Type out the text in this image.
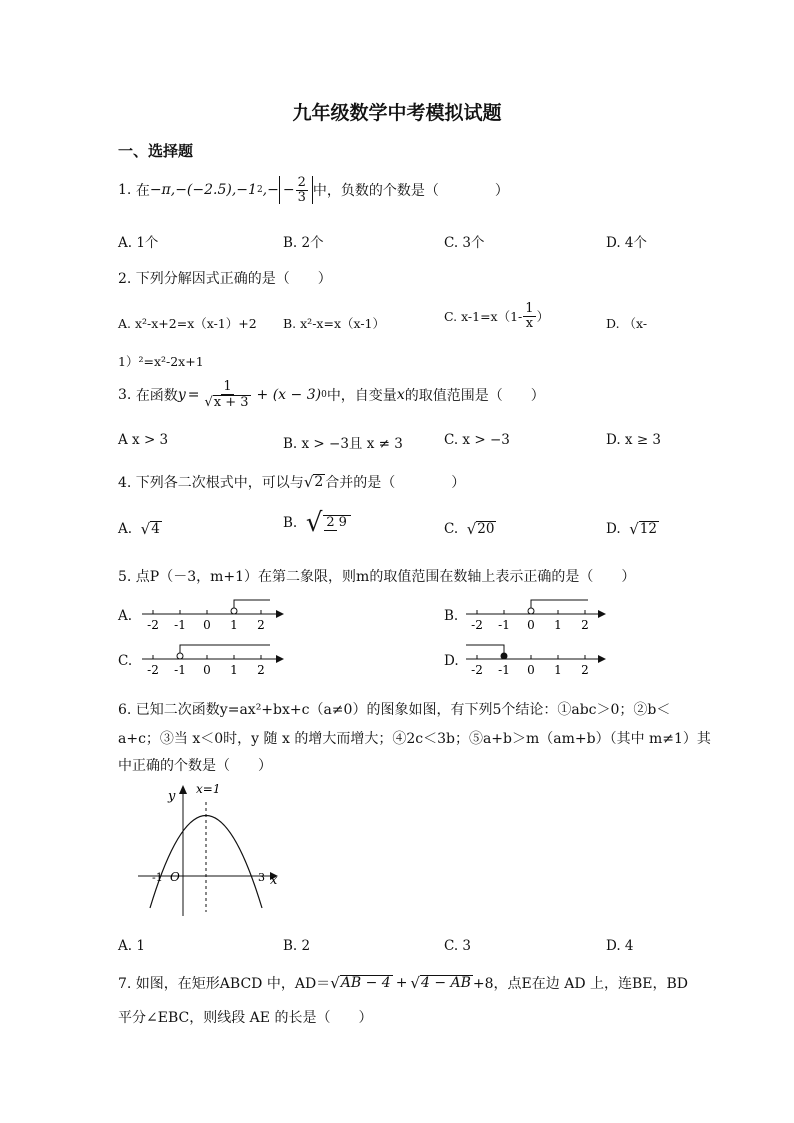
九年级数学中考模拟试题
一、选择题
1.
在 −π,−(−2.5),−1 2 ,− − $\frac{2}{3}$ 中，负数的个数是（　　　　）
A. 1个	B. 2个	C. 3个	D. 4个
2. 下列分解因式正确的是（　　）
A. x²-x+2=x（x-1）+2 B. x²-x=x（x-1）	C. $x-1=x(1- \frac{1}{x}$ ）	D. （x-
1）²=x²-2x+1
3.
在函数 $y = \frac{1}{√x + 3} + (x - 3)$ 0 中，自变量 x 的取值范围是（　　）
A x > 3	B. x > −3且 x ≠ 3	C. x > −3	D. x ≥ 3
4. 下列各二次根式中，可以与 √ 2 合并的是（　　　　）
A.
√ 4	B.
√ 2 9	C.
√ 20	D.
√ 12
5. 点P（－3，m+1）在第二象限，则m的取值范围在数轴上表示正确的是（　　）
A.
-2 -1 0 1 2
B.
-2 -1 0 1 2
C.
-2 -1 0 1 2
D.
-2 -1 0 1 2
6. 已知二次函数y=ax²+bx+c（a≠0）的图象如图，有下列5个结论：①abc＞0；②b＜
a+c；③当 x＜0时，y 随 x 的增大而增大；④2c＜3b；⑤a+b＞m（am+b）（其中 m≠1）其
中正确的个数是（　　）
y x=1
-1 O	3 x
A. 1	B. 2	C. 3	D. 4
7. 如图，在矩形ABCD 中，AD＝ √ AB − 4 + √ 4 − AB +8，点E在边 AD 上，连BE，BD
平分∠EBC，则线段 AE 的长是（　　）
